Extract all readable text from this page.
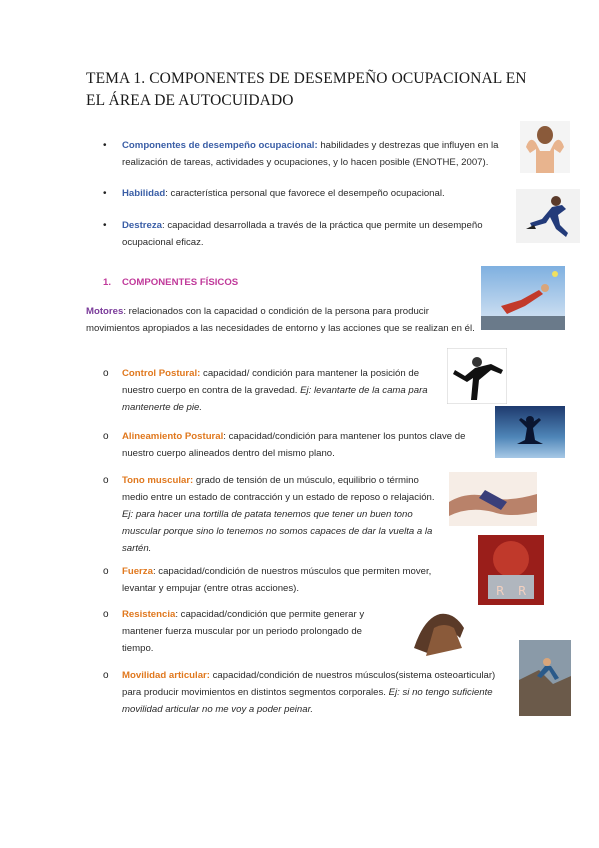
TEMA 1. COMPONENTES DE DESEMPEÑO OCUPACIONAL EN EL ÁREA DE AUTOCUIDADO
• Componentes de desempeño ocupacional: habilidades y destrezas que influyen en la realización de tareas, actividades y ocupaciones, y lo hacen posible (ENOTHE, 2007).
• Habilidad: característica personal que favorece el desempeño ocupacional.
• Destreza: capacidad desarrollada a través de la práctica que permite un desempeño ocupacional eficaz.
1. COMPONENTES FÍSICOS
Motores: relacionados con la capacidad o condición de la persona para producir movimientos apropiados a las necesidades de entorno y las acciones que se realizan en él.
o Control Postural: capacidad/ condición para mantener la posición de nuestro cuerpo en contra de la gravedad. Ej: levantarte de la cama para mantenerte de pie.
o Alineamiento Postural: capacidad/condición para mantener los puntos clave de nuestro cuerpo alineados dentro del mismo plano.
o Tono muscular: grado de tensión de un músculo, equilibrio o término medio entre un estado de contracción y un estado de reposo o relajación. Ej: para hacer una tortilla de patata tenemos que tener un buen tono muscular porque sino lo tenemos no somos capaces de dar la vuelta a la sartén.
o Fuerza: capacidad/condición de nuestros músculos que permiten mover, levantar y empujar (entre otras acciones).
o Resistencia: capacidad/condición que permite generar y mantener fuerza muscular por un periodo prolongado de tiempo.
o Movilidad articular: capacidad/condición de nuestros músculos(sistema osteoarticular) para producir movimientos en distintos segmentos corporales. Ej: si no tengo suficiente movilidad articular no me voy a poder peinar.
R R
